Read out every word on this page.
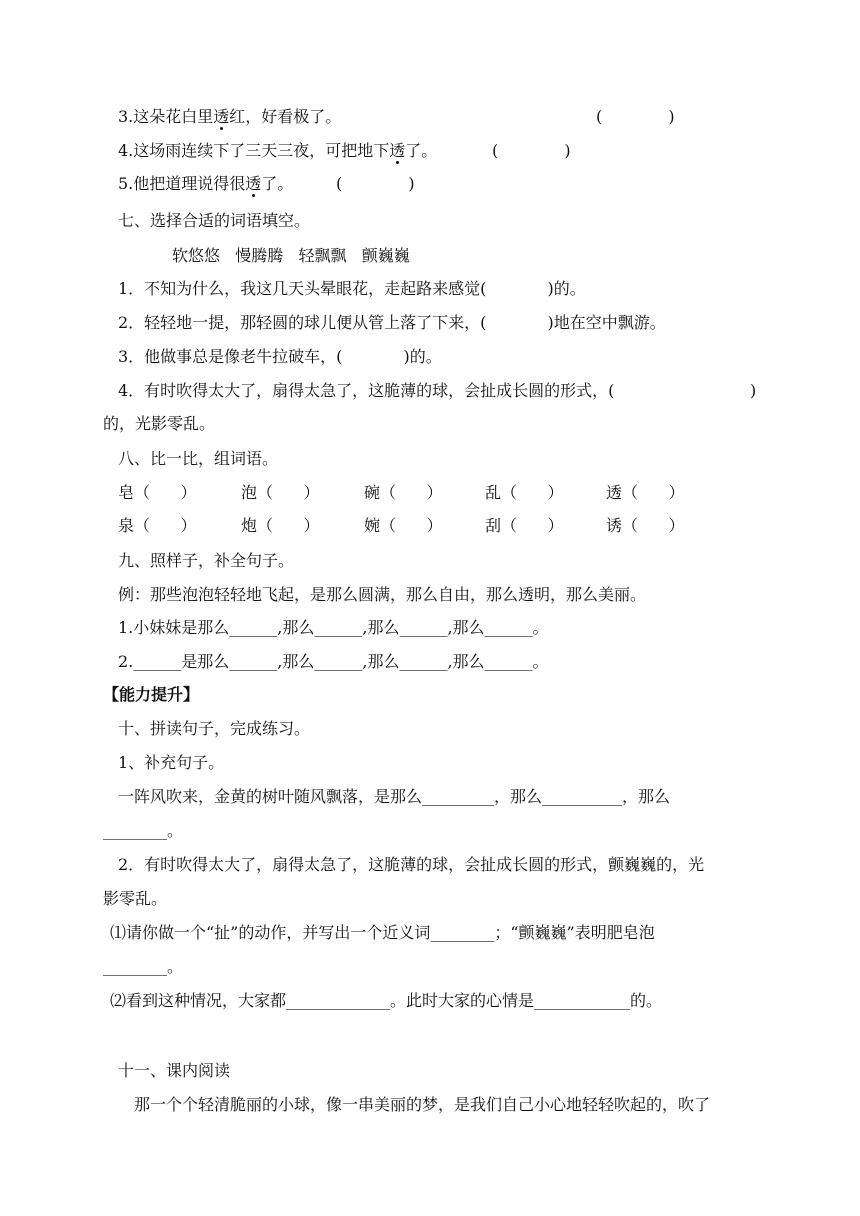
3.这朵花白里透红，好看极了。	(             )
4.这场雨连续下了三天三夜，可把地下透了。	(             )
5.他把道理说得很透了。	(             )
七、选择合适的词语填空。
软悠悠   慢腾腾   轻飘飘   颤巍巍
1．不知为什么，我这几天头晕眼花，走起路来感觉(            )的。
2．轻轻地一提，那轻圆的球儿便从管上落了下来，(            )地在空中飘游。
3．他做事总是像老牛拉破车，(            )的。
4．有时吹得太大了，扇得太急了，这脆薄的球，会扯成长圆的形式，(	)
的，光影零乱。
八、比一比，组词语。
皂（      ）	泡（      ）	碗（      ）	乱（      ）	透（      ）
泉（      ）	炮（      ）	婉（      ）	刮（      ）	诱（      ）
九、照样子，补全句子。
例：那些泡泡轻轻地飞起，是那么圆满，那么自由，那么透明，那么美丽。
1.小妹妹是那么______,那么______,那么______,那么______。
2.______是那么______,那么______,那么______,那么______。
【能力提升】
十、拼读句子，完成练习。
1、补充句子。
一阵风吹来，金黄的树叶随风飘落，是那么_________，那么__________，那么
________。
2．有时吹得太大了，扇得太急了，这脆薄的球，会扯成长圆的形式，颤巍巍的，光
影零乱。
⑴请你做一个“扯”的动作，并写出一个近义词________；“颤巍巍”表明肥皂泡
________。
⑵看到这种情况，大家都_____________。此时大家的心情是____________的。
十一、课内阅读
那一个个轻清脆丽的小球，像一串美丽的梦，是我们自己小心地轻轻吹起的，吹了
